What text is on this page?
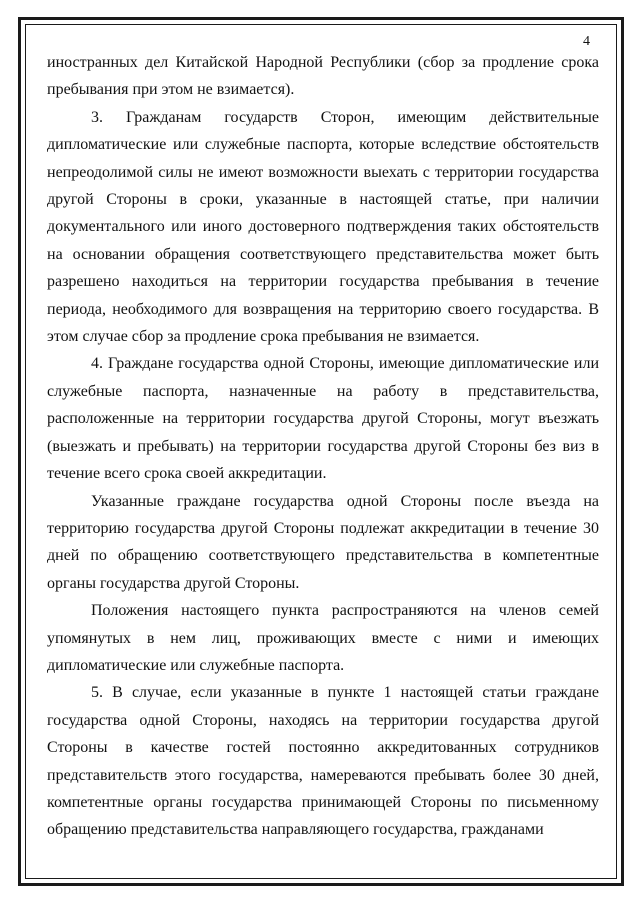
4

иностранных дел Китайской Народной Республики (сбор за продление срока пребывания при этом не взимается).

3. Гражданам государств Сторон, имеющим действительные дипломатические или служебные паспорта, которые вследствие обстоятельств непреодолимой силы не имеют возможности выехать с территории государства другой Стороны в сроки, указанные в настоящей статье, при наличии документального или иного достоверного подтверждения таких обстоятельств на основании обращения соответствующего представительства может быть разрешено находиться на территории государства пребывания в течение периода, необходимого для возвращения на территорию своего государства. В этом случае сбор за продление срока пребывания не взимается.

4. Граждане государства одной Стороны, имеющие дипломатические или служебные паспорта, назначенные на работу в представительства, расположенные на территории государства другой Стороны, могут въезжать (выезжать и пребывать) на территории государства другой Стороны без виз в течение всего срока своей аккредитации.

Указанные граждане государства одной Стороны после въезда на территорию государства другой Стороны подлежат аккредитации в течение 30 дней по обращению соответствующего представительства в компетентные органы государства другой Стороны.

Положения настоящего пункта распространяются на членов семей упомянутых в нем лиц, проживающих вместе с ними и имеющих дипломатические или служебные паспорта.

5. В случае, если указанные в пункте 1 настоящей статьи граждане государства одной Стороны, находясь на территории государства другой Стороны в качестве гостей постоянно аккредитованных сотрудников представительств этого государства, намереваются пребывать более 30 дней, компетентные органы государства принимающей Стороны по письменному обращению представительства направляющего государства, гражданами
